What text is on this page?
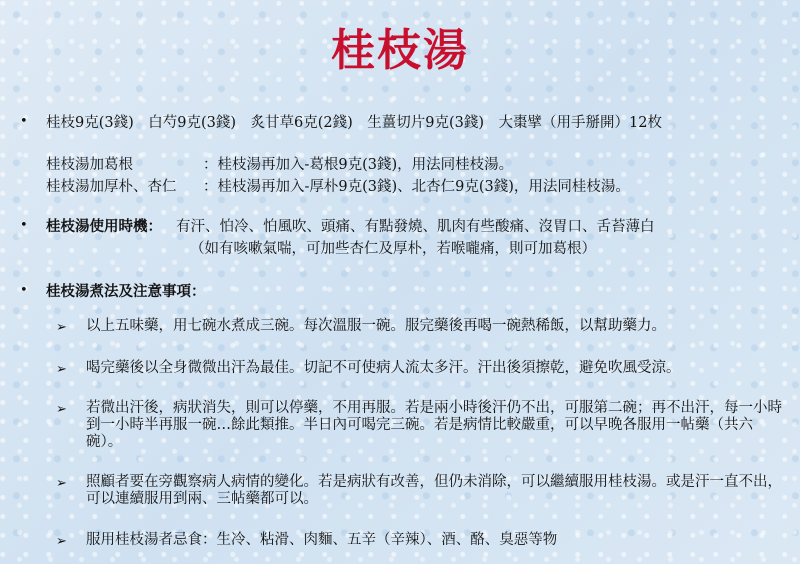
桂枝湯
• 桂枝9克(3錢)　白芍9克(3錢)　炙甘草6克(2錢)　生薑切片9克(3錢)　大棗擘（用手掰開）12枚
桂枝湯加葛根	：桂枝湯再加入-葛根9克(3錢)，用法同桂枝湯。
桂枝湯加厚朴、杏仁 ：桂枝湯再加入-厚朴9克(3錢)、北杏仁9克(3錢)，用法同桂枝湯。
• 桂枝湯使用時機： 有汗、怕冷、怕風吹、頭痛、有點發燒、肌肉有些酸痛、沒胃口、舌苔薄白
（如有咳嗽氣喘，可加些杏仁及厚朴，若喉嚨痛，則可加葛根）
• 桂枝湯煮法及注意事項：
➢ 以上五味藥，用七碗水煮成三碗。每次溫服一碗。服完藥後再喝一碗熱稀飯，以幫助藥力。
➢ 喝完藥後以全身微微出汗為最佳。切記不可使病人流太多汗。汗出後須擦乾，避免吹風受涼。
➢ 若微出汗後，病狀消失，則可以停藥，不用再服。若是兩小時後汗仍不出，可服第二碗；再不出汗，每一小時到一小時半再服一碗…餘此類推。半日內可喝完三碗。若是病情比較嚴重，可以早晚各服用一帖藥（共六碗）。
➢ 照顧者要在旁觀察病人病情的變化。若是病狀有改善，但仍未消除，可以繼續服用桂枝湯。或是汗一直不出，可以連續服用到兩、三帖藥都可以。
➢ 服用桂枝湯者忌食：生冷、粘滑、肉麵、五辛（辛辣）、酒、酪、臭惡等物
